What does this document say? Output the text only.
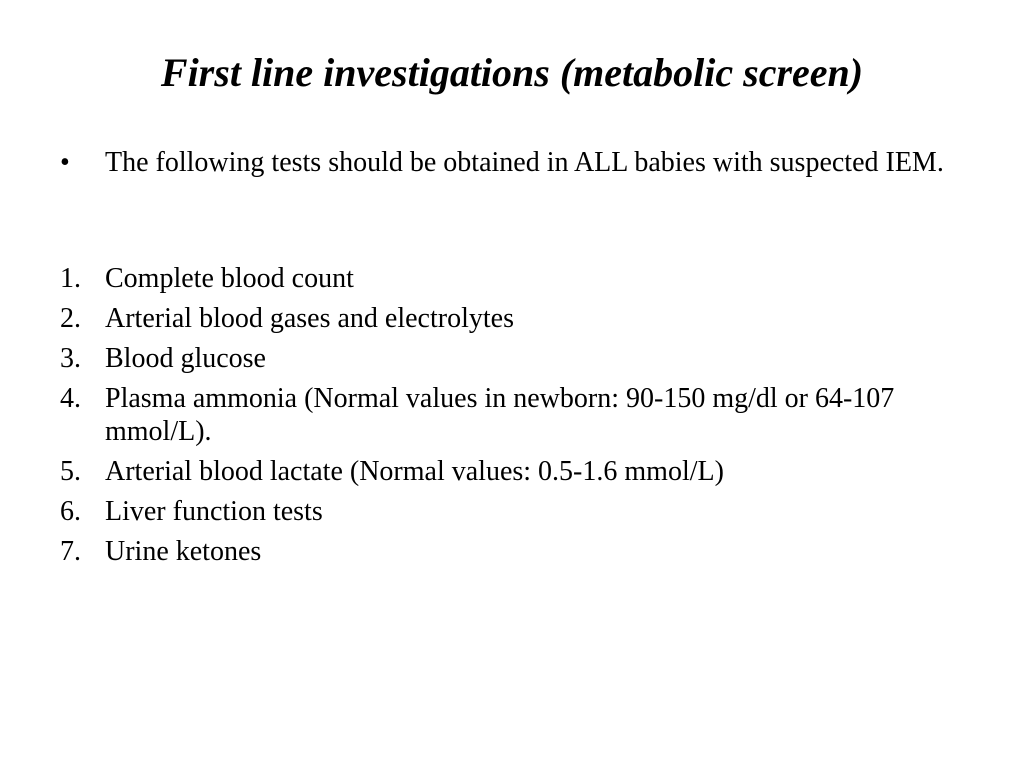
First line investigations (metabolic screen)
• The following tests should be obtained in ALL babies with suspected IEM.
1. Complete blood count
2. Arterial blood gases and electrolytes
3. Blood glucose
4. Plasma ammonia (Normal values in newborn: 90-150 mg/dl or 64-107 mmol/L).
5. Arterial blood lactate (Normal values: 0.5-1.6 mmol/L)
6. Liver function tests
7. Urine ketones
